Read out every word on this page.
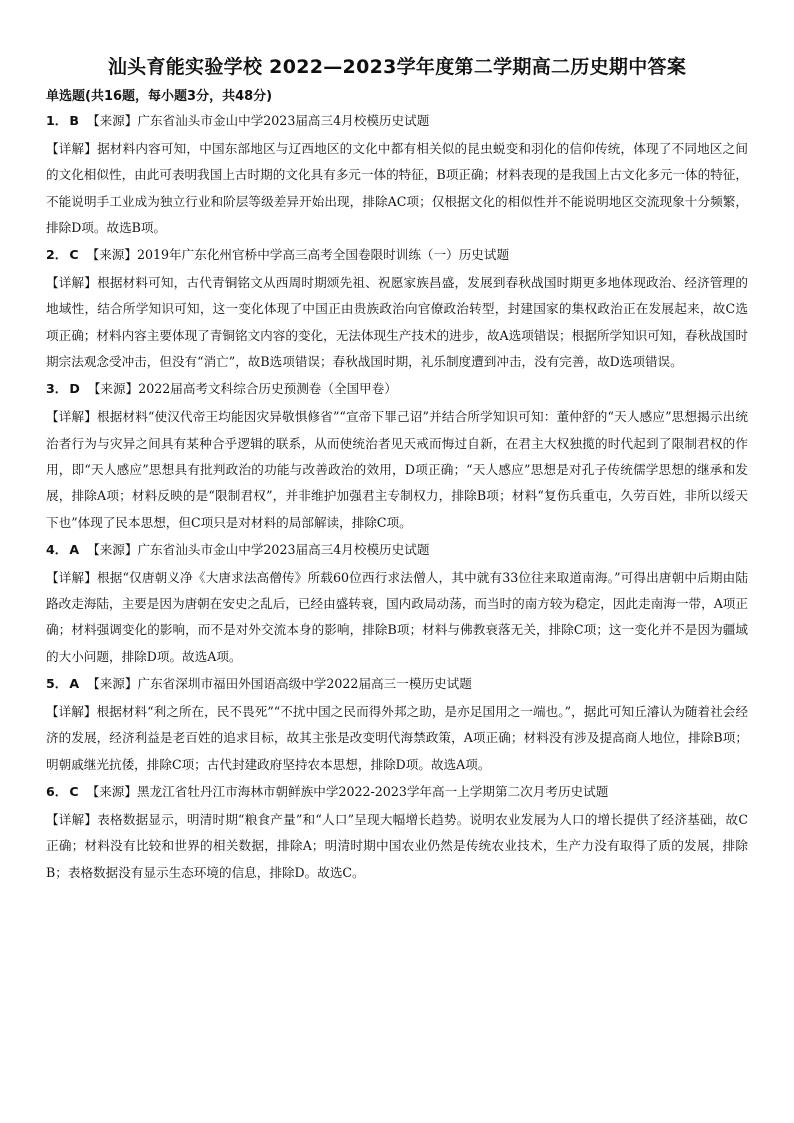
汕头育能实验学校 2022—2023学年度第二学期高二历史期中答案
单选题(共16题，每小题3分，共48分)
1． B 【来源】广东省汕头市金山中学2023届高三4月校模历史试题

【详解】据材料内容可知，中国东部地区与辽西地区的文化中都有相关似的昆虫蜕变和羽化的信仰传统，体现了不同地区之间的文化相似性，由此可表明我国上古时期的文化具有多元一体的特征，B项正确；材料表现的是我国上古文化多元一体的特征，不能说明手工业成为独立行业和阶层等级差异开始出现，排除AC项；仅根据文化的相似性并不能说明地区交流现象十分频繁，排除D项。故选B项。

2． C 【来源】2019年广东化州官桥中学高三高考全国卷限时训练（一）历史试题

【详解】根据材料可知，古代青铜铭文从西周时期颂先祖、祝愿家族昌盛，发展到春秋战国时期更多地体现政治、经济管理的地域性，结合所学知识可知，这一变化体现了中国正由贵族政治向官僚政治转型，封建国家的集权政治正在发展起来，故C选项正确；材料内容主要体现了青铜铭文内容的变化，无法体现生产技术的进步，故A选项错误；根据所学知识可知，春秋战国时期宗法观念受冲击，但没有“消亡”，故B选项错误；春秋战国时期，礼乐制度遭到冲击，没有完善，故D选项错误。

3． D 【来源】2022届高考文科综合历史预测卷（全国甲卷）

【详解】根据材料“使汉代帝王均能因灾异敬惧修省”“宣帝下罪己诏”并结合所学知识可知：董仲舒的“天人感应”思想揭示出统治者行为与灾异之间具有某种合乎逻辑的联系，从而使统治者见天戒而悔过自新，在君主大权独揽的时代起到了限制君权的作用，即“天人感应”思想具有批判政治的功能与改善政治的效用，D项正确；“天人感应”思想是对孔子传统儒学思想的继承和发展，排除A项；材料反映的是“限制君权”，并非维护加强君主专制权力，排除B项；材料“复伤兵重屯，久劳百姓，非所以绥天下也”体现了民本思想，但C项只是对材料的局部解读，排除C项。

4． A 【来源】广东省汕头市金山中学2023届高三4月校模历史试题

【详解】根据“仅唐朝义净《大唐求法高僧传》所载60位西行求法僧人，其中就有33位往来取道南海。”可得出唐朝中后期由陆路改走海陆，主要是因为唐朝在安史之乱后，已经由盛转衰，国内政局动荡，而当时的南方较为稳定，因此走南海一带，A项正确；材料强调变化的影响，而不是对外交流本身的影响，排除B项；材料与佛教衰落无关，排除C项；这一变化并不是因为疆域的大小问题，排除D项。故选A项。

5． A 【来源】广东省深圳市福田外国语高级中学2022届高三一模历史试题

【详解】根据材料“利之所在，民不畏死”“不扰中国之民而得外邦之助，是亦足国用之一端也。”，据此可知丘濬认为随着社会经济的发展，经济利益是老百姓的追求目标，故其主张是改变明代海禁政策，A项正确；材料没有涉及提高商人地位，排除B项；明朝戚继光抗倭，排除C项；古代封建政府坚持农本思想，排除D项。故选A项。

6． C 【来源】黑龙江省牡丹江市海林市朝鲜族中学2022-2023学年高一上学期第二次月考历史试题

【详解】表格数据显示，明清时期“粮食产量”和“人口”呈现大幅增长趋势。说明农业发展为人口的增长提供了经济基础，故C正确；材料没有比较和世界的相关数据，排除A；明清时期中国农业仍然是传统农业技术，生产力没有取得了质的发展，排除B；表格数据没有显示生态环境的信息，排除D。故选C。
